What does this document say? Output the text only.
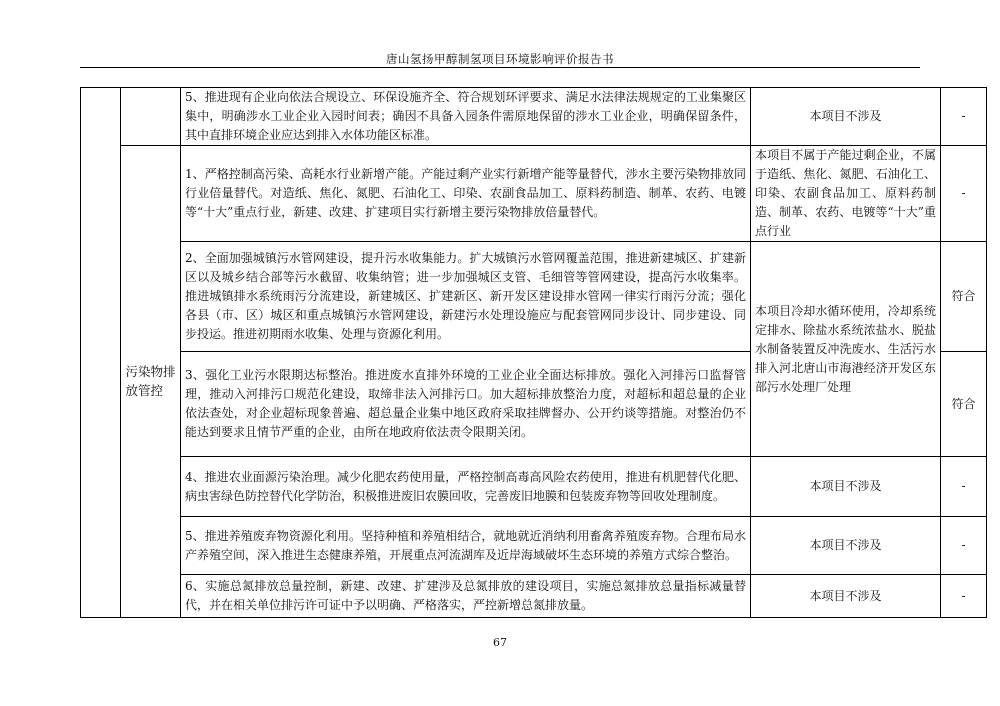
唐山氢扬甲醇制氢项目环境影响评价报告书
		5、推进现有企业向依法合规设立、环保设施齐全、符合规划环评要求、满足水法律法规规定的工业集聚区集中，明确涉水工业企业入园时间表；确因不具备入园条件需原地保留的涉水工业企业，明确保留条件，其中直排环境企业应达到排入水体功能区标准。	本项目不涉及	-
	污染物排放管控	1、严格控制高污染、高耗水行业新增产能。产能过剩产业实行新增产能等量替代，涉水主要污染物排放同行业倍量替代。对造纸、焦化、氮肥、石油化工、印染、农副食品加工、原料药制造、制革、农药、电镀等“十大”重点行业，新建、改建、扩建项目实行新增主要污染物排放倍量替代。	本项目不属于产能过剩企业，不属于造纸、焦化、氮肥、石油化工、印染、农副食品加工、原料药制造、制革、农药、电镀等“十大”重点行业	-
		2、全面加强城镇污水管网建设，提升污水收集能力。扩大城镇污水管网覆盖范围，推进新建城区、扩建新区以及城乡结合部等污水截留、收集纳管；进一步加强城区支管、毛细管等管网建设，提高污水收集率。推进城镇排水系统雨污分流建设，新建城区、扩建新区、新开发区建设排水管网一律实行雨污分流；强化各县（市、区）城区和重点城镇污水管网建设，新建污水处理设施应与配套管网同步设计、同步建设、同步投运。推进初期雨水收集、处理与资源化利用。	本项目冷却水循环使用，冷却系统定排水、除盐水系统浓盐水、脱盐水制备装置反冲洗废水、生活污水排入河北唐山市海港经济开发区东部污水处理厂处理	符合
		3、强化工业污水限期达标整治。推进废水直排外环境的工业企业全面达标排放。强化入河排污口监督管理，推动入河排污口规范化建设，取缔非法入河排污口。加大超标排放整治力度，对超标和超总量的企业依法查处，对企业超标现象普遍、超总量企业集中地区政府采取挂牌督办、公开约谈等措施。对整治仍不能达到要求且情节严重的企业，由所在地政府依法责令限期关闭。		符合
		4、推进农业面源污染治理。减少化肥农药使用量，严格控制高毒高风险农药使用，推进有机肥替代化肥、病虫害绿色防控替代化学防治，积极推进废旧农膜回收，完善废旧地膜和包装废弃物等回收处理制度。	本项目不涉及	-
		5、推进养殖废弃物资源化利用。坚持种植和养殖相结合，就地就近消纳利用畜禽养殖废弃物。合理布局水产养殖空间，深入推进生态健康养殖，开展重点河流湖库及近岸海域破坏生态环境的养殖方式综合整治。	本项目不涉及	-
		6、实施总氮排放总量控制，新建、改建、扩建涉及总氮排放的建设项目，实施总氮排放总量指标减量替代，并在相关单位排污许可证中予以明确、严格落实，严控新增总氮排放量。	本项目不涉及	-
67
